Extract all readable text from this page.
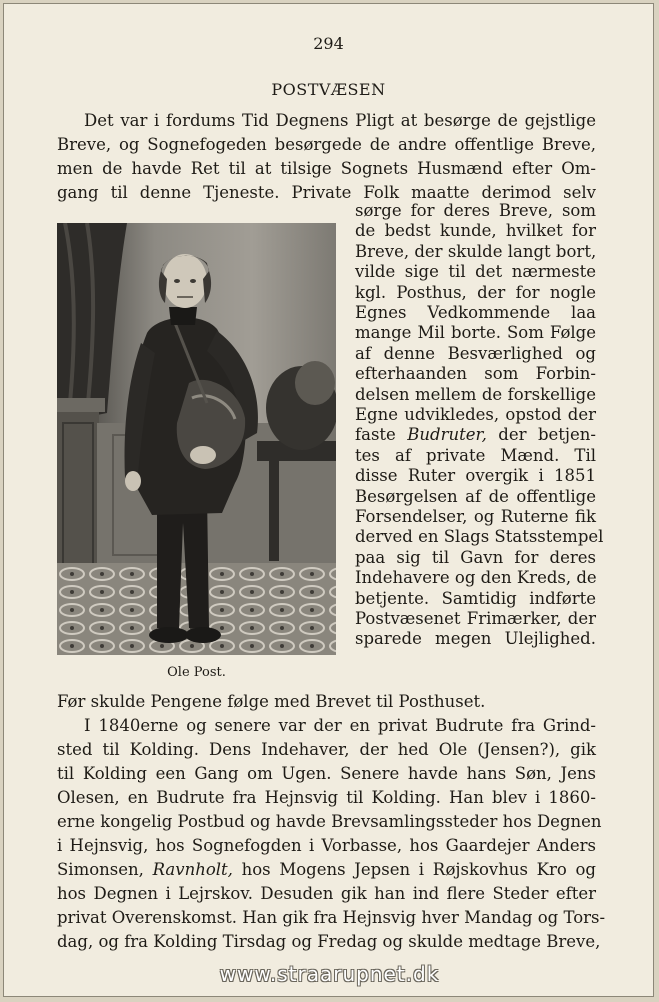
294
POSTVÆSEN
Det var i fordums Tid Degnens Pligt at besørge de gejstlige
Breve, og Sognefogeden besørgede de andre offentlige Breve,
men de havde Ret til at tilsige Sognets Husmænd efter Om-
gang til denne Tjeneste. Private Folk maatte derimod selv
Ole Post.
sørge for deres Breve, som
de bedst kunde, hvilket for
Breve, der skulde langt bort,
vilde sige til det nærmeste
kgl. Posthus, der for nogle
Egnes Vedkommende laa
mange Mil borte. Som Følge
af denne Besværlighed og
efterhaanden som Forbin-
delsen mellem de forskellige
Egne udvikledes, opstod der
faste Budruter, der betjen-
tes af private Mænd. Til
disse Ruter overgik i 1851
Besørgelsen af de offentlige
Forsendelser, og Ruterne fik
derved en Slags Statsstempel
paa sig til Gavn for deres
Indehavere og den Kreds, de
betjente. Samtidig indførte
Postvæsenet Frimærker, der
sparede megen Ulejlighed.
Før skulde Pengene følge med Brevet til Posthuset.
I 1840erne og senere var der en privat Budrute fra Grind-
sted til Kolding. Dens Indehaver, der hed Ole (Jensen?), gik
til Kolding een Gang om Ugen. Senere havde hans Søn, Jens
Olesen, en Budrute fra Hejnsvig til Kolding. Han blev i 1860-
erne kongelig Postbud og havde Brevsamlingssteder hos Degnen
i Hejnsvig, hos Sognefogden i Vorbasse, hos Gaardejer Anders
Simonsen, Ravnholt, hos Mogens Jepsen i Røjskovhus Kro og
hos Degnen i Lejrskov. Desuden gik han ind flere Steder efter
privat Overenskomst. Han gik fra Hejnsvig hver Mandag og Tors-
dag, og fra Kolding Tirsdag og Fredag og skulde medtage Breve,
www.straarupnet.dk
